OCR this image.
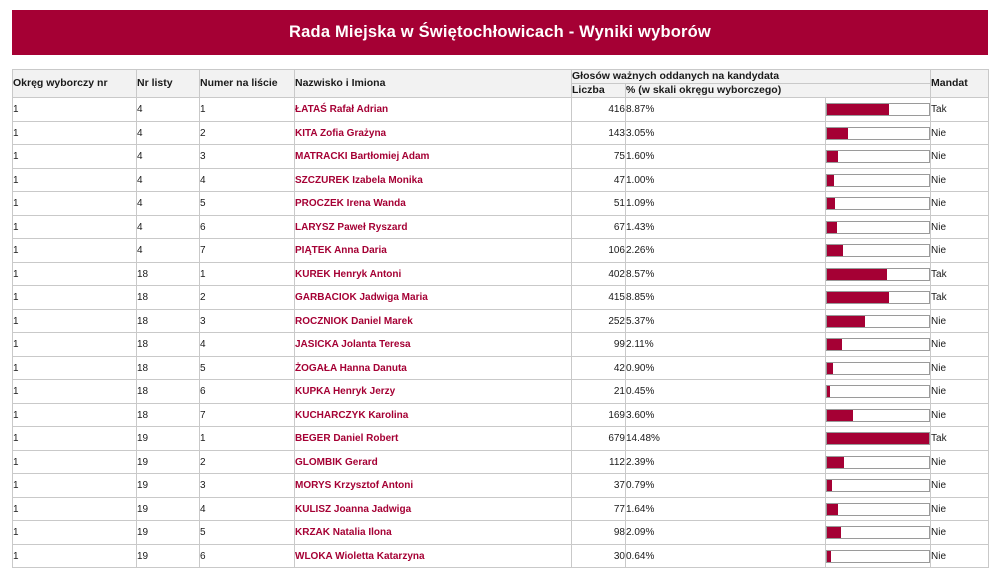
Rada Miejska w Świętochłowicach - Wyniki wyborów
Okręg wyborczy nr	Nr listy	Numer na liście	Nazwisko i Imiona	Głosów ważnych oddanych na kandydata			Mandat
				Liczba	% (w skali okręgu wyborczego)		
1	4	1	ŁATAŚ Rafał Adrian	416	8.87%		Tak
1	4	2	KITA Zofia Grażyna	143	3.05%		Nie
1	4	3	MATRACKI Bartłomiej Adam	75	1.60%		Nie
1	4	4	SZCZUREK Izabela Monika	47	1.00%		Nie
1	4	5	PROCZEK Irena Wanda	51	1.09%		Nie
1	4	6	LARYSZ Paweł Ryszard	67	1.43%		Nie
1	4	7	PIĄTEK Anna Daria	106	2.26%		Nie
1	18	1	KUREK Henryk Antoni	402	8.57%		Tak
1	18	2	GARBACIOK Jadwiga Maria	415	8.85%		Tak
1	18	3	ROCZNIOK Daniel Marek	252	5.37%		Nie
1	18	4	JASICKA Jolanta Teresa	99	2.11%		Nie
1	18	5	ŻOGAŁA Hanna Danuta	42	0.90%		Nie
1	18	6	KUPKA Henryk Jerzy	21	0.45%		Nie
1	18	7	KUCHARCZYK Karolina	169	3.60%		Nie
1	19	1	BEGER Daniel Robert	679	14.48%		Tak
1	19	2	GLOMBIK Gerard	112	2.39%		Nie
1	19	3	MORYS Krzysztof Antoni	37	0.79%		Nie
1	19	4	KULISZ Joanna Jadwiga	77	1.64%		Nie
1	19	5	KRZAK Natalia Ilona	98	2.09%		Nie
1	19	6	WLOKA Wioletta Katarzyna	30	0.64%		Nie
